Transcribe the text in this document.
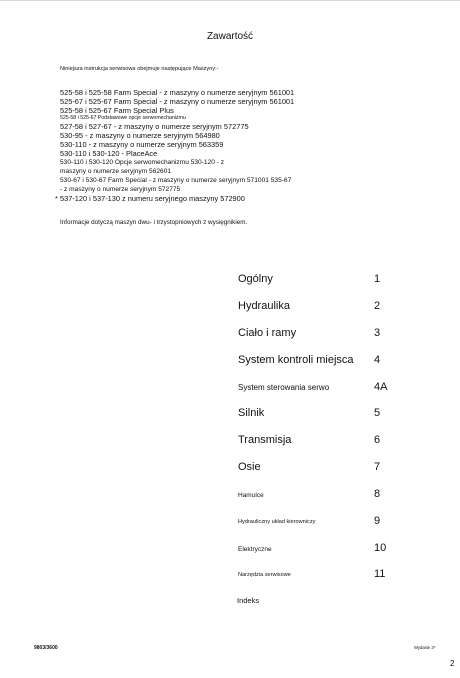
Zawartość
Niniejsza instrukcja serwisowa obejmuje następujące Maszyny:-
525-58 i 525-58 Farm Special - z maszyny o numerze seryjnym 561001
525-67 i 525-67 Farm Special - z maszyny o numerze seryjnym 561001
525-58 i 525-67 Farm Special Plus
525-58 i 525-67 Podstawowe opcje serwomechanizmu
527-58 i 527-67 - z maszyny o numerze seryjnym 572775
530-95 - z maszyny o numerze seryjnym 564980
530-110 - z maszyny o numerze seryjnym 563359
530-110 i 530-120 - PlaceAce
530-110 i 530-120 Opcje serwomechanizmu 530-120 - z
maszyny o numerze seryjnym 562601
530-67 i 530-67 Farm Special - z maszyny o numerze seryjnym 571001 535-67
- z maszyny o numerze seryjnym 572775
* 537-120 i 537-130 z numeru seryjnego maszyny 572900
Informacje dotyczą maszyn dwu- i trzystopniowych z wysięgnikiem.
Ogólny	1
Hydraulika	2
Ciało i ramy	3
System kontroli miejsca 4
System sterowania serwo	4A
Silnik	5
Transmisja	6
Osie	7
Hamulce	8
Hydrauliczny układ kierowniczy	9
Elektryczne	10
Narzędzia serwisowe	11
Indeks
9803/3600	Wydanie 3*
2
